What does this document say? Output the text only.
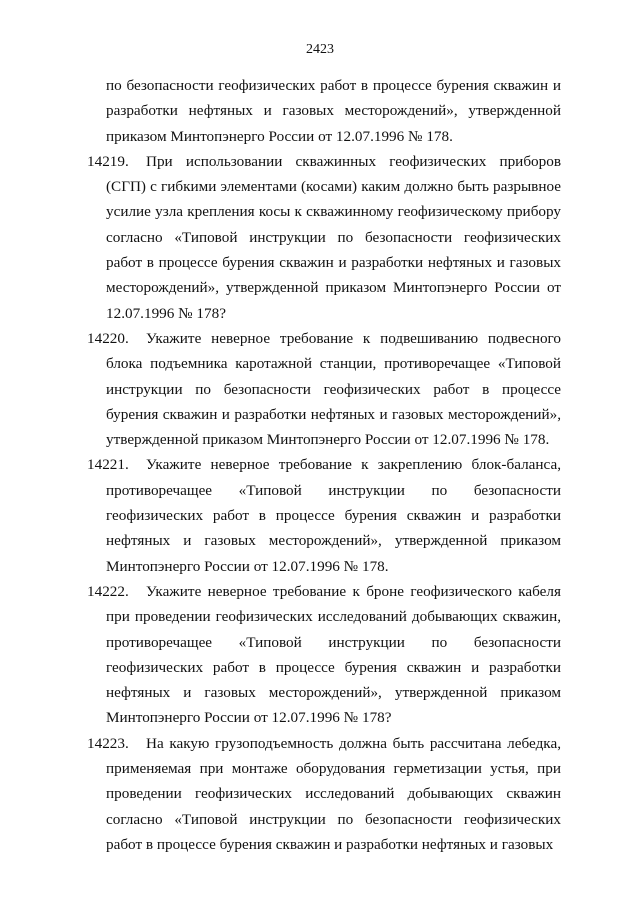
2423

по безопасности геофизических работ в процессе бурения скважин и разработки нефтяных и газовых месторождений», утвержденной приказом Минтопэнерго России от 12.07.1996 № 178.

14219. При использовании скважинных геофизических приборов (СГП) с гибкими элементами (косами) каким должно быть разрывное усилие узла крепления косы к скважинному геофизическому прибору согласно «Типовой инструкции по безопасности геофизических работ в процессе бурения скважин и разработки нефтяных и газовых месторождений», утвержденной приказом Минтопэнерго России от 12.07.1996 № 178?
14220. Укажите неверное требование к подвешиванию подвесного блока подъемника каротажной станции, противоречащее «Типовой инструкции по безопасности геофизических работ в процессе бурения скважин и разработки нефтяных и газовых месторождений», утвержденной приказом Минтопэнерго России от 12.07.1996 № 178.
14221. Укажите неверное требование к закреплению блок-баланса, противоречащее «Типовой инструкции по безопасности геофизических работ в процессе бурения скважин и разработки нефтяных и газовых месторождений», утвержденной приказом Минтопэнерго России от 12.07.1996 № 178.
14222. Укажите неверное требование к броне геофизического кабеля при проведении геофизических исследований добывающих скважин, противоречащее «Типовой инструкции по безопасности геофизических работ в процессе бурения скважин и разработки нефтяных и газовых месторождений», утвержденной приказом Минтопэнерго России от 12.07.1996 № 178?
14223. На какую грузоподъемность должна быть рассчитана лебедка, применяемая при монтаже оборудования герметизации устья, при проведении геофизических исследований добывающих скважин согласно «Типовой инструкции по безопасности геофизических работ в процессе бурения скважин и разработки нефтяных и газовых
